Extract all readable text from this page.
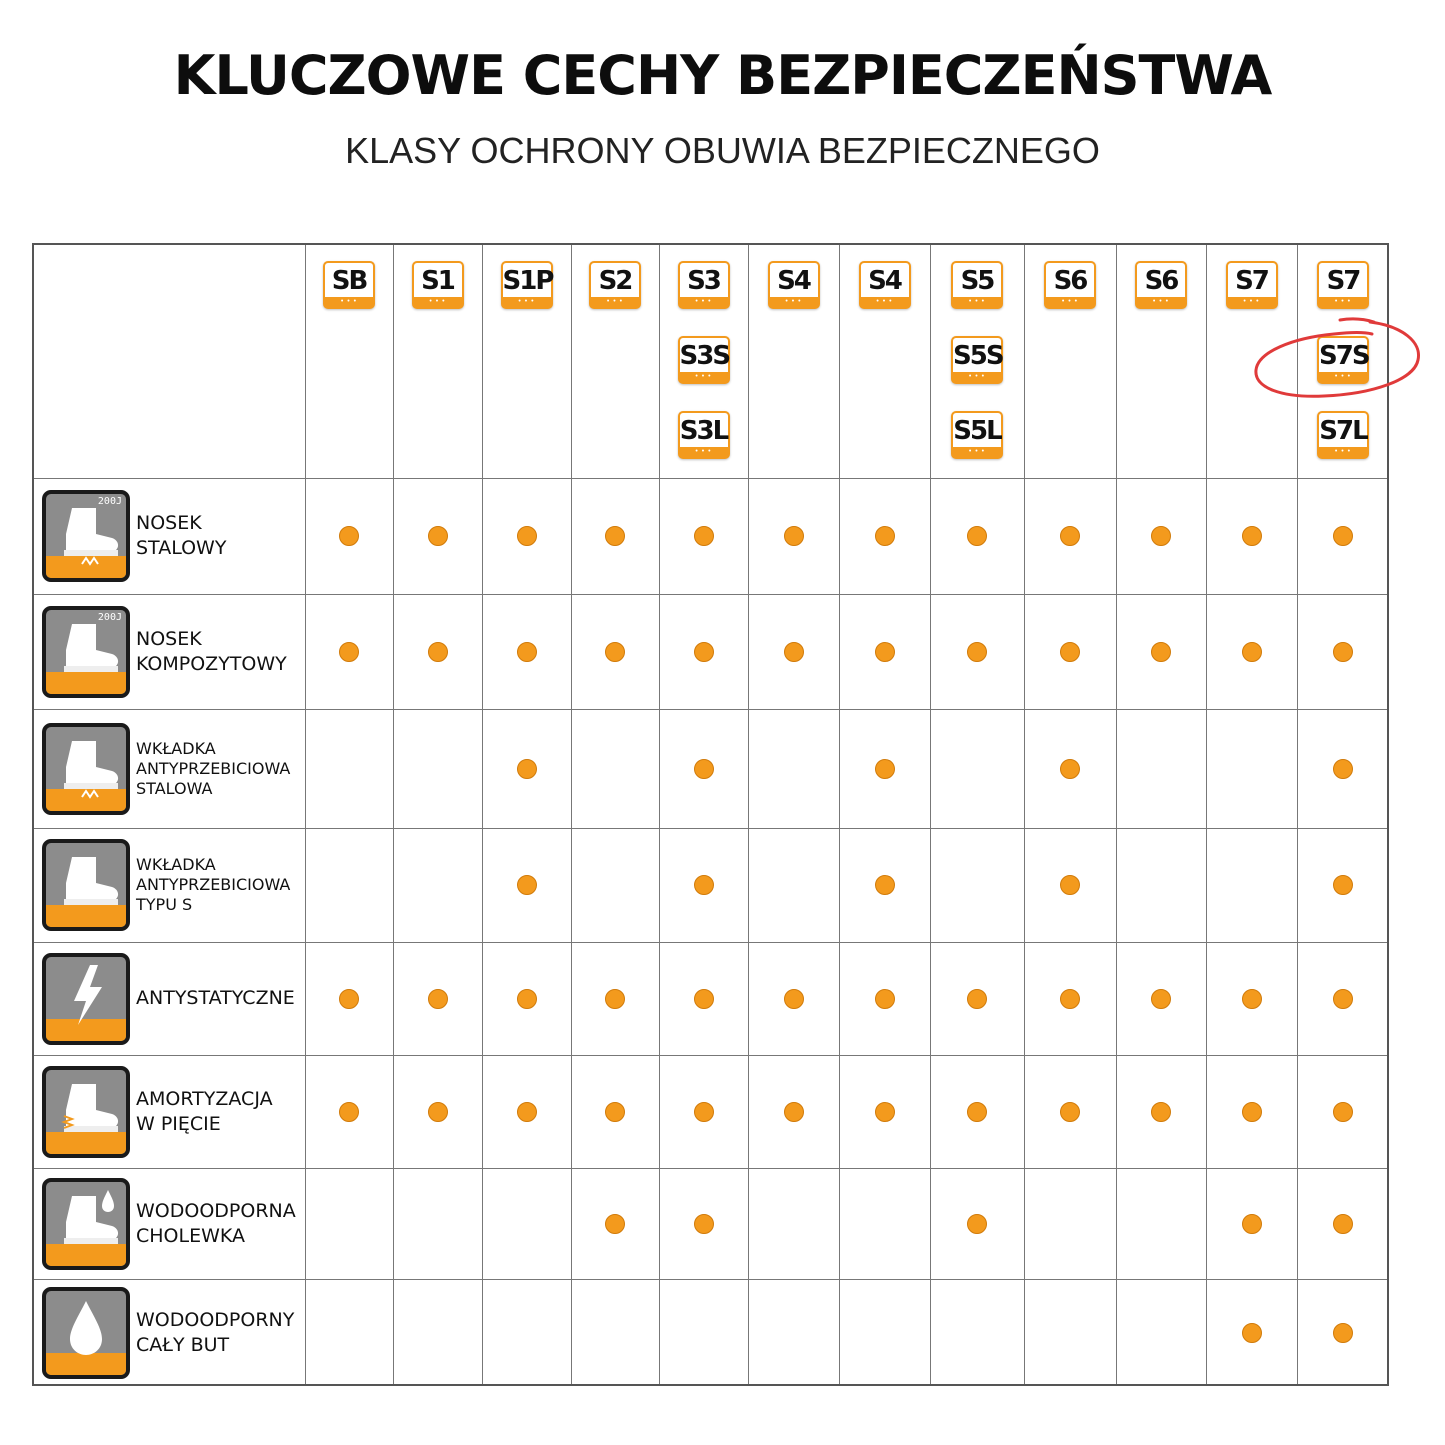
KLUCZOWE CECHY BEZPIECZEŃSTWA
KLASY OCHRONY OBUWIA BEZPIECZNEGO
SB
• • •
S1
• • •
S1P
• • •
S2
• • •
S3
• • •
S3S
• • •
S3L
• • •
S4
• • •
S4
• • •
S5
• • •
S5S
• • •
S5L
• • •
S6
• • •
S6
• • •
S7
• • •
S7
• • •
S7S
• • •
S7L
• • •
200J
NOSEK
STALOWY
200J
NOSEK
KOMPOZYTOWY
WKŁADKA
ANTYPRZEBICIOWA
STALOWA
WKŁADKA
ANTYPRZEBICIOWA
TYPU S
ANTYSTATYCZNE
AMORTYZACJA
W PIĘCIE
WODOODPORNA
CHOLEWKA
WODOODPORNY
CAŁY BUT
